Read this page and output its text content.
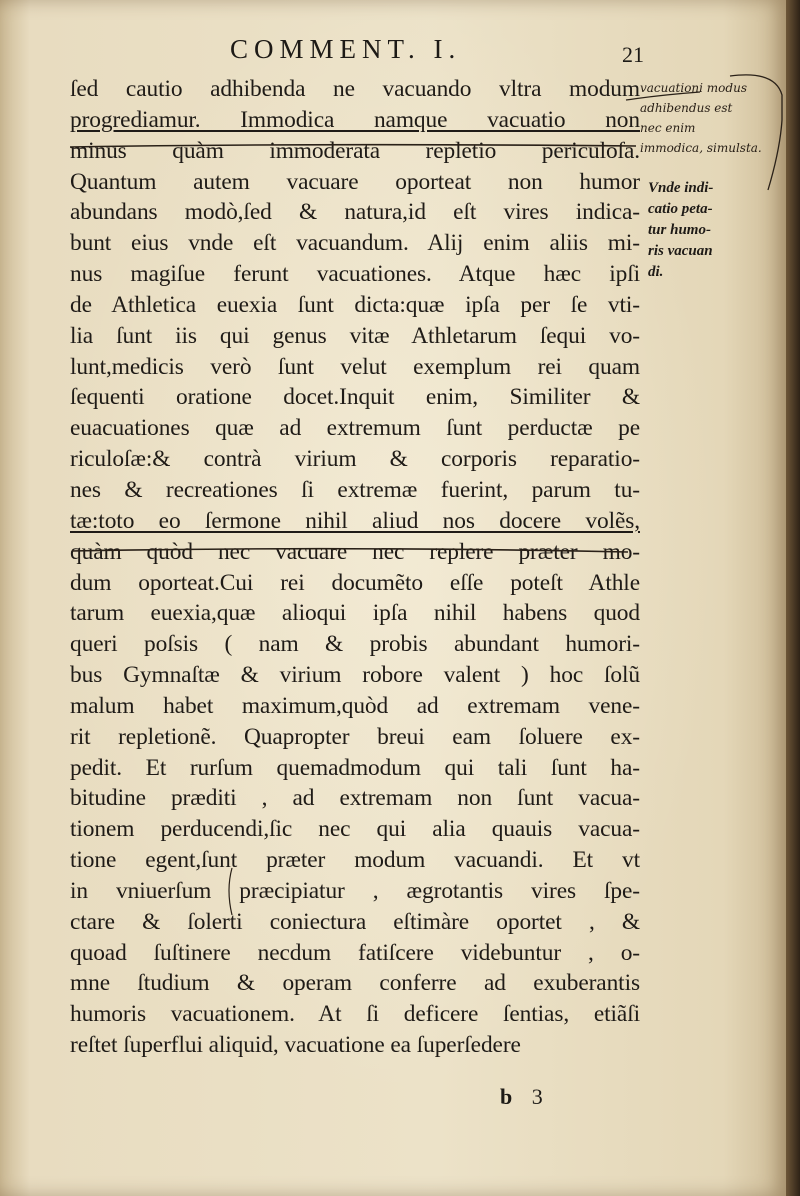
COMMENT. I.	21
ſed cautio adhibenda ne vacuando vltra modum
progrediamur. Immodica namque vacuatio non
minus quàm immoderata repletio periculoſa.
Quantum autem vacuare oporteat non humor
abundans modò,ſed & natura,id eſt vires indica-
bunt eius vnde eſt vacuandum. Alij enim aliis mi-
nus magiſue ferunt vacuationes. Atque hæc ipſi
de Athletica euexia ſunt dicta:quæ ipſa per ſe vti-
lia ſunt iis qui genus vitæ Athletarum ſequi vo-
lunt,medicis verò ſunt velut exemplum rei quam
ſequenti oratione docet.Inquit enim, Similiter &
euacuationes quæ ad extremum ſunt perductæ pe
riculoſæ:& contrà virium & corporis reparatio-
nes & recreationes ſi extremæ fuerint, parum tu-
tæ:toto eo ſermone nihil aliud nos docere volẽs,
quàm quòd nec vacuare nec replere præter mo-
dum oporteat.Cui rei documẽto eſſe poteſt Athle
tarum euexia,quæ alioqui ipſa nihil habens quod
queri poſsis ( nam & probis abundant humori-
bus Gymnaſtæ & virium robore valent ) hoc ſolũ
malum habet maximum,quòd ad extremam vene-
rit repletionẽ. Quapropter breui eam ſoluere ex-
pedit. Et rurſum quemadmodum qui tali ſunt ha-
bitudine præditi , ad extremam non ſunt vacua-
tionem perducendi,ſic nec qui alia quauis vacua-
tione egent,ſunt præter modum vacuandi. Et vt
in vniuerſum præcipiatur , ægrotantis vires ſpe-
ctare & ſolerti coniectura eſtimàre oportet , &
quoad ſuſtinere necdum fatiſcere videbuntur , o-
mne ſtudium & operam conferre ad exuberantis
humoris vacuationem. At ſi deficere ſentias, etiãſi
reſtet ſuperflui aliquid, vacuatione ea ſuperſedere
vacuationi modus
adhibendus est
nec enim
immodica, simulsta.
Vnde indi-
catio peta-
tur humo-
ris vacuan
di.
b 3
